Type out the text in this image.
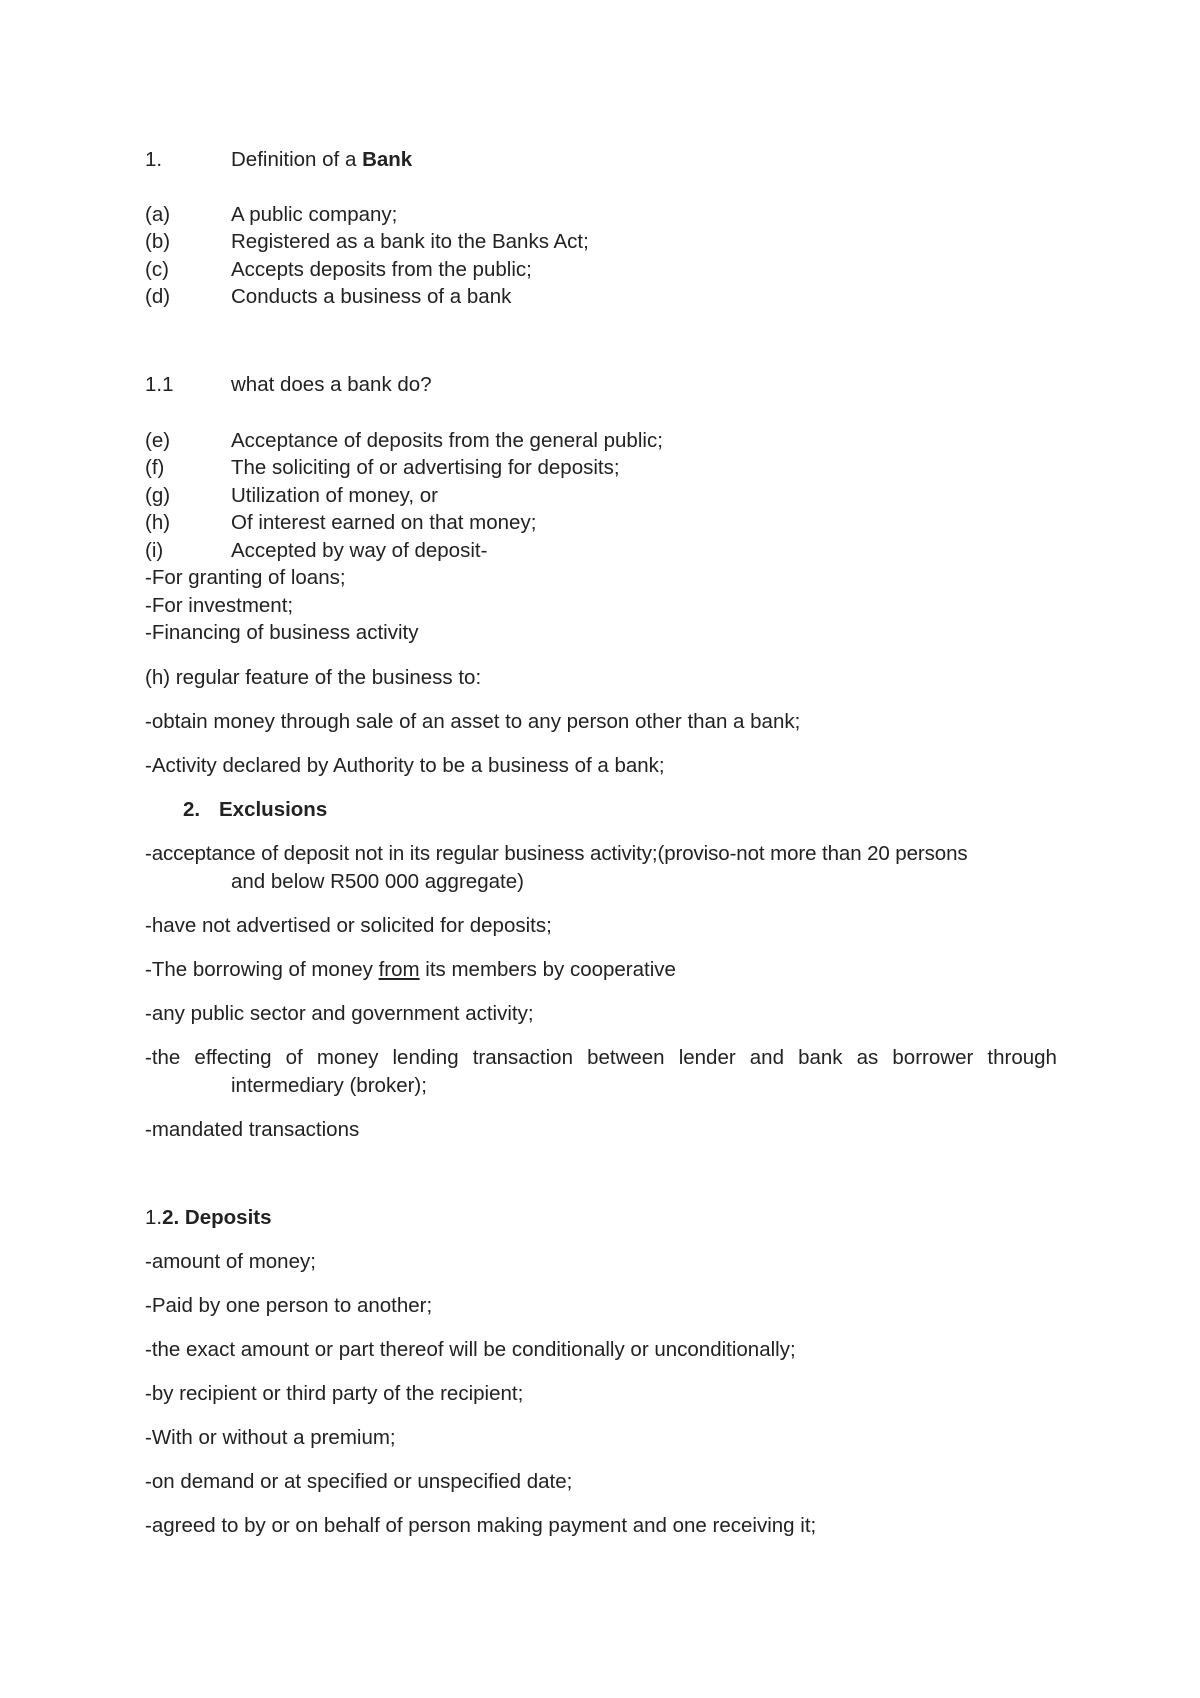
1.	Definition of a Bank
(a)	A public company;
(b)	Registered as a bank ito the Banks Act;
(c)	Accepts deposits from the public;
(d)	Conducts a business of a bank
1.1	what does a bank do?
(e)	Acceptance of deposits from the general public;
(f)	The soliciting of or advertising for deposits;
(g)	Utilization of money, or
(h)	Of interest earned on that money;
(i)	Accepted by way of deposit-
-For granting of loans;
-For investment;
-Financing of business activity
(h) regular feature of the business to:
-obtain money through sale of an asset to any person other than a bank;
-Activity declared by Authority to be a business of a bank;
2. Exclusions
-acceptance of deposit not in its regular business activity;(proviso-not more than 20 persons
and below R500 000 aggregate)
-have not advertised or solicited for deposits;
-The borrowing of money from its members by cooperative
-any public sector and government activity;
-the effecting of money lending transaction between lender and bank as borrower through
intermediary (broker);
-mandated transactions
1.2. Deposits
-amount of money;
-Paid by one person to another;
-the exact amount or part thereof will be conditionally or unconditionally;
-by recipient or third party of the recipient;
-With or without a premium;
-on demand or at specified or unspecified date;
-agreed to by or on behalf of person making payment and one receiving it;
